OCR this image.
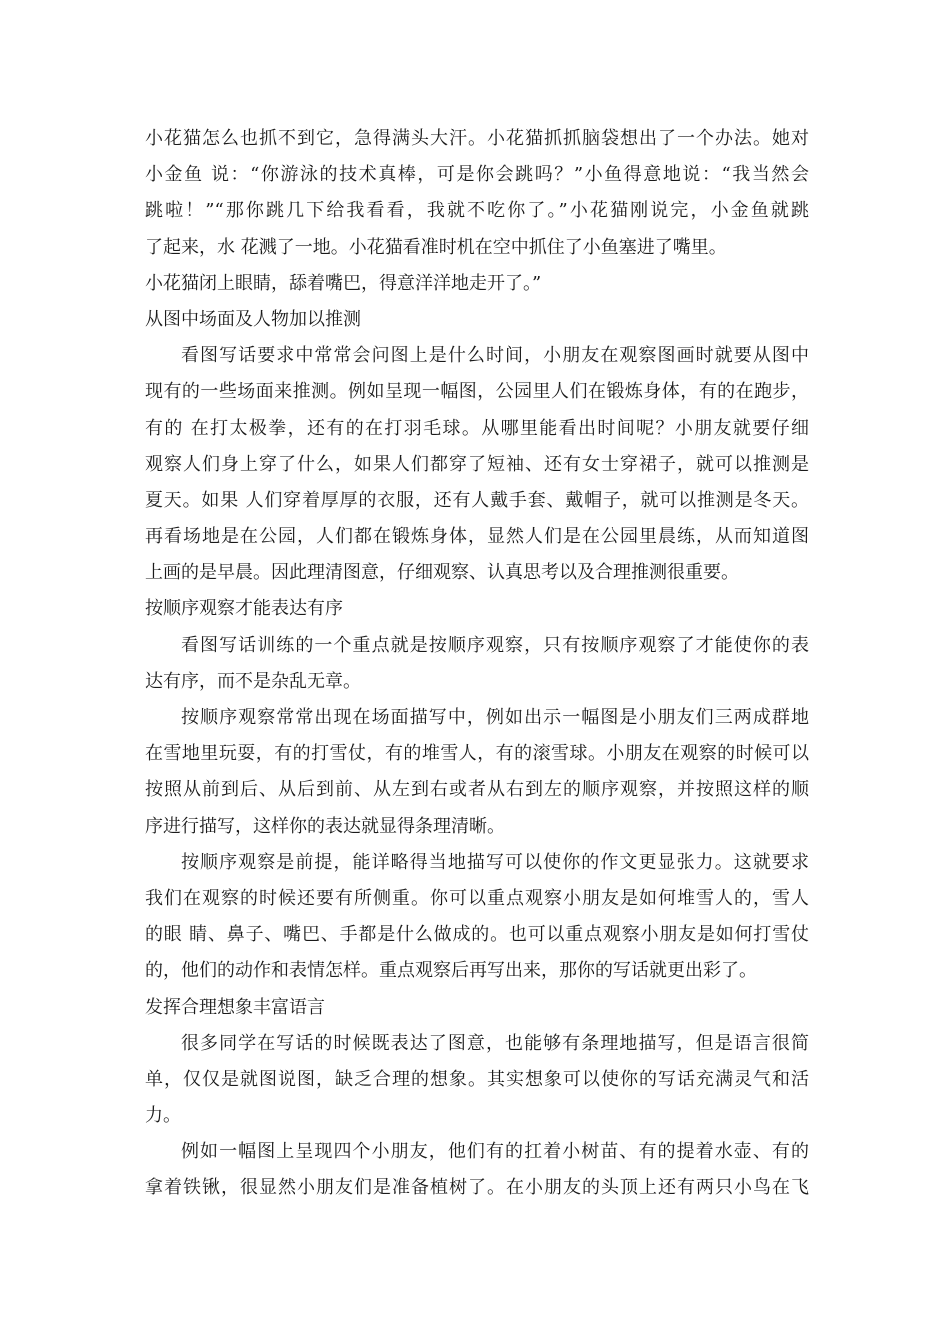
小花猫怎么也抓不到它，急得满头大汗。小花猫抓抓脑袋想出了一个办法。她对

小金鱼 说：“你游泳的技术真棒，可是你会跳吗？”小鱼得意地说：“我当然会

跳啦！”“那你跳几下给我看看，我就不吃你了。”小花猫刚说完，小金鱼就跳

了起来，水 花溅了一地。小花猫看准时机在空中抓住了小鱼塞进了嘴里。

小花猫闭上眼睛，舔着嘴巴，得意洋洋地走开了。”

从图中场面及人物加以推测

看图写话要求中常常会问图上是什么时间，小朋友在观察图画时就要从图中

现有的一些场面来推测。例如呈现一幅图，公园里人们在锻炼身体，有的在跑步，

有的 在打太极拳，还有的在打羽毛球。从哪里能看出时间呢？小朋友就要仔细

观察人们身上穿了什么，如果人们都穿了短袖、还有女士穿裙子，就可以推测是

夏天。如果 人们穿着厚厚的衣服，还有人戴手套、戴帽子，就可以推测是冬天。

再看场地是在公园，人们都在锻炼身体，显然人们是在公园里晨练，从而知道图

上画的是早晨。因此理清图意，仔细观察、认真思考以及合理推测很重要。

按顺序观察才能表达有序

看图写话训练的一个重点就是按顺序观察，只有按顺序观察了才能使你的表

达有序，而不是杂乱无章。

按顺序观察常常出现在场面描写中，例如出示一幅图是小朋友们三两成群地

在雪地里玩耍，有的打雪仗，有的堆雪人，有的滚雪球。小朋友在观察的时候可以

按照从前到后、从后到前、从左到右或者从右到左的顺序观察，并按照这样的顺

序进行描写，这样你的表达就显得条理清晰。

按顺序观察是前提，能详略得当地描写可以使你的作文更显张力。这就要求

我们在观察的时候还要有所侧重。你可以重点观察小朋友是如何堆雪人的，雪人

的眼 睛、鼻子、嘴巴、手都是什么做成的。也可以重点观察小朋友是如何打雪仗

的，他们的动作和表情怎样。重点观察后再写出来，那你的写话就更出彩了。

发挥合理想象丰富语言

很多同学在写话的时候既表达了图意，也能够有条理地描写，但是语言很简

单，仅仅是就图说图，缺乏合理的想象。其实想象可以使你的写话充满灵气和活

力。

例如一幅图上呈现四个小朋友，他们有的扛着小树苗、有的提着水壶、有的

拿着铁锹，很显然小朋友们是准备植树了。在小朋友的头顶上还有两只小鸟在飞
